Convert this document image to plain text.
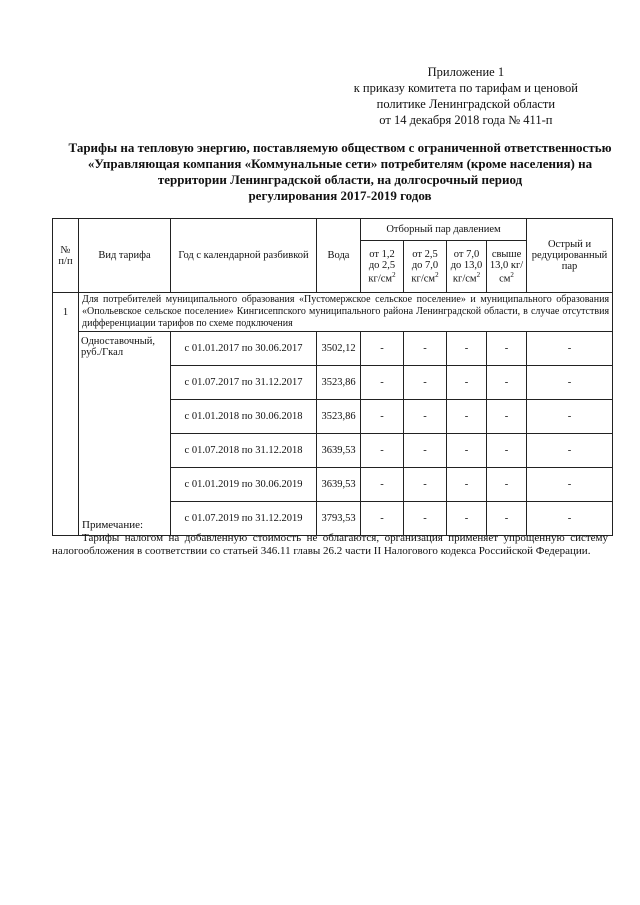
Приложение 1
к приказу комитета по тарифам и ценовой
политике Ленинградской области
от 14 декабря 2018 года № 411-п
Тарифы на тепловую энергию, поставляемую обществом с ограниченной ответственностью
«Управляющая компания «Коммунальные сети» потребителям (кроме населения) на
территории Ленинградской области, на долгосрочный период
регулирования 2017-2019 годов
№ п/п	Вид тарифа	Год с календарной разбивкой	Вода	Отборный пар давлением				Острый и редуцированный пар
				от 1,2 до 2,5 $кг/см^2$	от 2,5 до 7,0 $кг/см^2$	от 7,0 до 13,0 $кг/см^2$	свыше 13,0 $кг/см^2$
1	Для потребителей муниципального образования «Пустомержское сельское поселение» и муниципального образования «Опольевское сельское поселение» Кингисеппского муниципального района Ленинградской области, в случае отсутствия дифференциации тарифов по схеме подключения							
	Одноставочный, руб./Гкал	с 01.01.2017 по 30.06.2017	3502,12	-	-	-	-	-
		с 01.07.2017 по 31.12.2017	3523,86	-	-	-	-	-
		с 01.01.2018 по 30.06.2018	3523,86	-	-	-	-	-
		с 01.07.2018 по 31.12.2018	3639,53	-	-	-	-	-
		с 01.01.2019 по 30.06.2019	3639,53	-	-	-	-	-
		с 01.07.2019 по 31.12.2019	3793,53	-	-	-	-	-
Примечание:
Тарифы налогом на добавленную стоимость не облагаются, организация применяет упрощенную систему налогообложения в соответствии со статьей 346.11 главы 26.2 части II Налогового кодекса Российской Федерации.
